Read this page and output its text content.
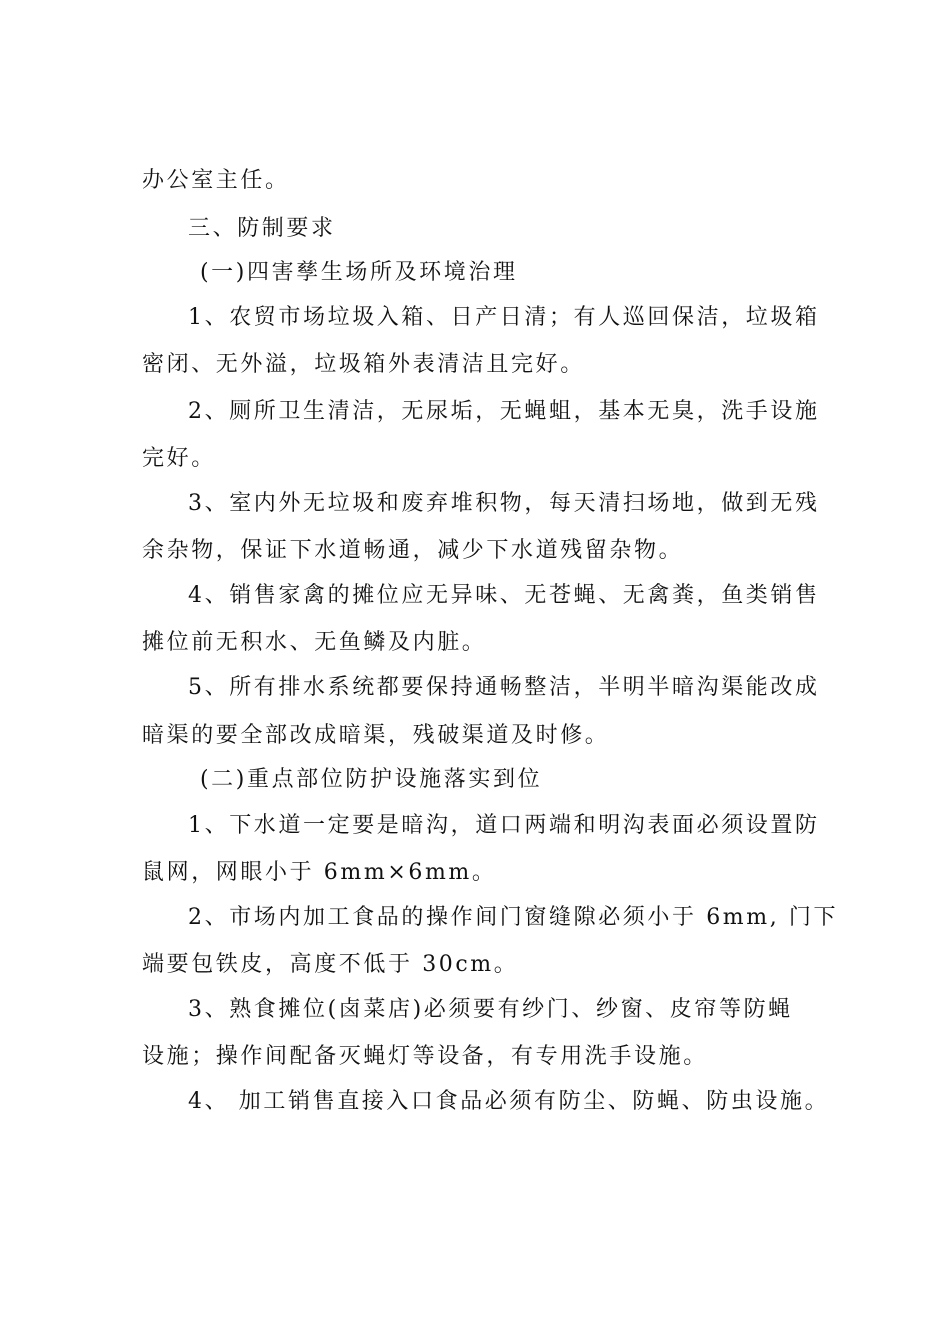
办公室主任。
三、防制要求
(一)四害孳生场所及环境治理
1、农贸市场垃圾入箱、日产日清；有人巡回保洁，垃圾箱
密闭、无外溢，垃圾箱外表清洁且完好。
2、厕所卫生清洁，无尿垢，无蝇蛆，基本无臭，洗手设施
完好。
3、室内外无垃圾和废弃堆积物，每天清扫场地，做到无残
余杂物，保证下水道畅通，减少下水道残留杂物。
4、销售家禽的摊位应无异味、无苍蝇、无禽粪，鱼类销售
摊位前无积水、无鱼鳞及内脏。
5、所有排水系统都要保持通畅整洁，半明半暗沟渠能改成
暗渠的要全部改成暗渠，残破渠道及时修。
(二)重点部位防护设施落实到位
1、下水道一定要是暗沟，道口两端和明沟表面必须设置防
鼠网，网眼小于 6mm×6mm。
2、市场内加工食品的操作间门窗缝隙必须小于 6mm, 门下
端要包铁皮，高度不低于 30cm。
3、熟食摊位(卤菜店)必须要有纱门、纱窗、皮帘等防蝇
设施；操作间配备灭蝇灯等设备，有专用洗手设施。
4、 加工销售直接入口食品必须有防尘、防蝇、防虫设施。
